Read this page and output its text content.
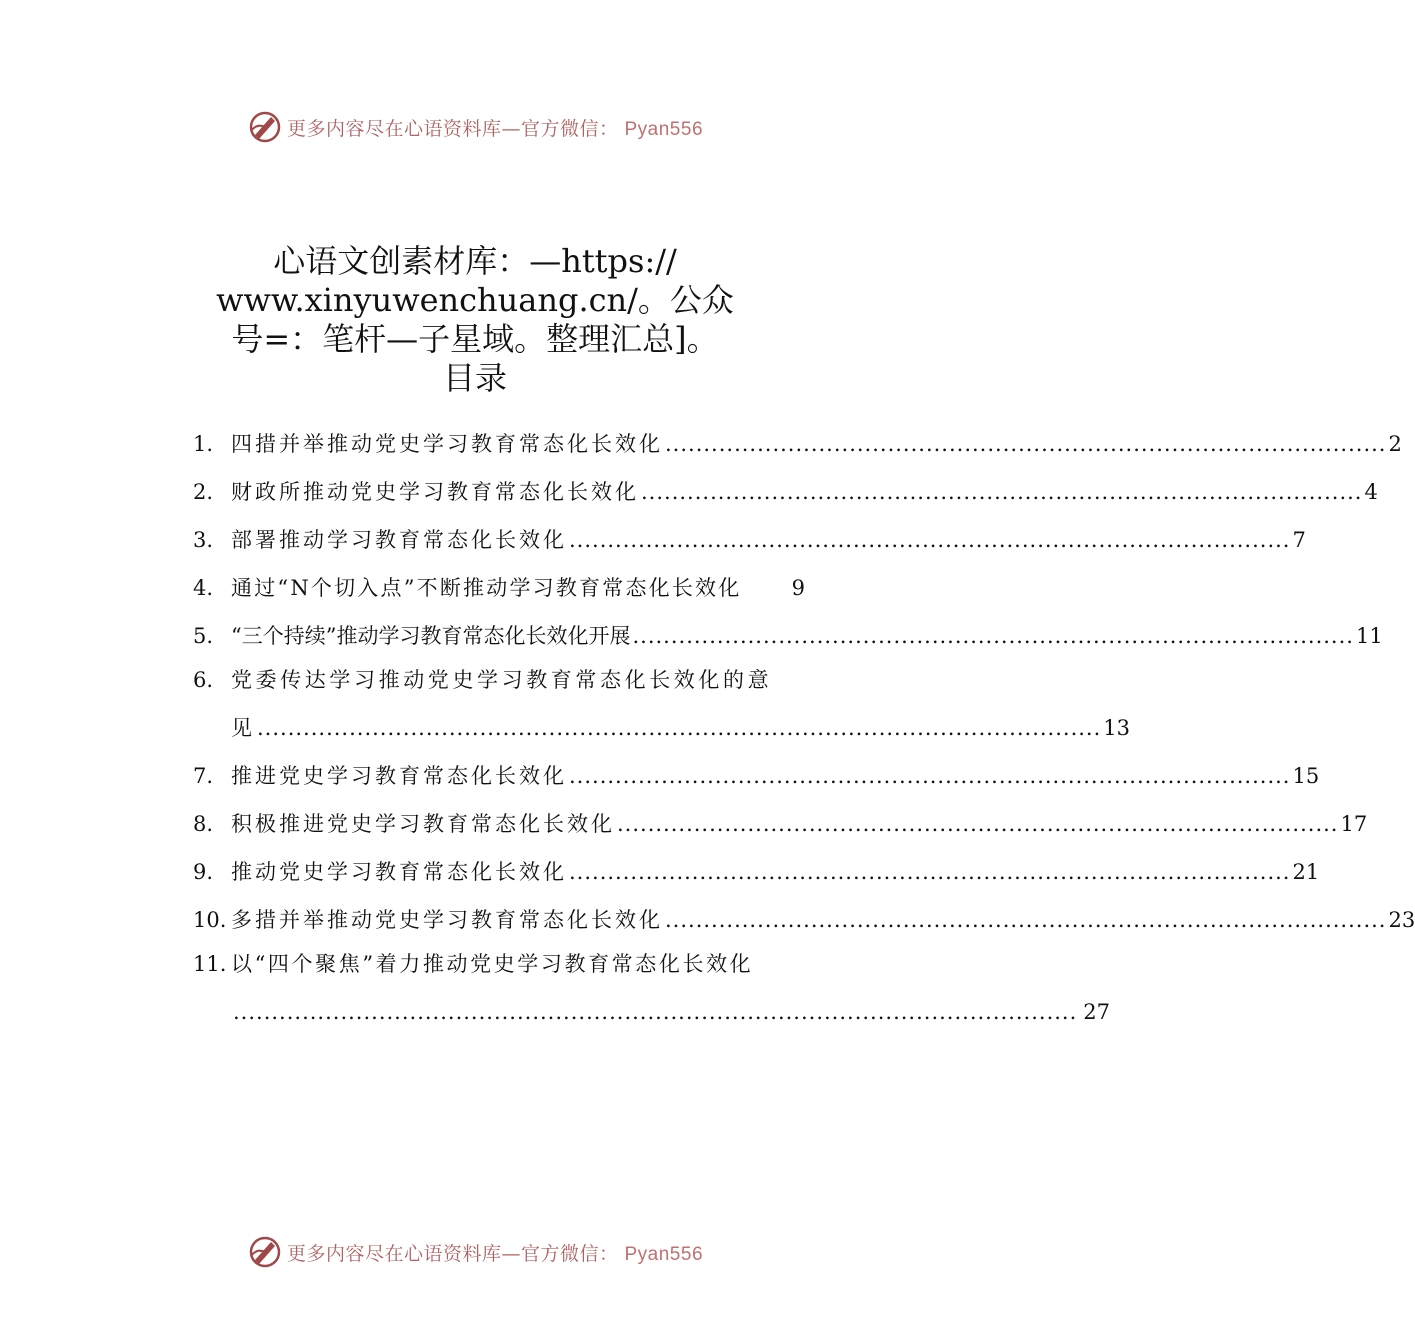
更多内容尽在心语资料库—官方微信： Pyan556
心语文创素材库：—https://
www.xinyuwenchuang.cn/。公众
号=：笔杆—子星域。整理汇总]。
目录
1. 四措并举推动党史学习教育常态化长效化 .............................................................................................. 2
2. 财政所推动党史学习教育常态化长效化 .............................................................................................. 4
3. 部署推动学习教育常态化长效化 .............................................................................................. 7
4. 通过“N个切入点”不断推动学习教育常态化长效化 9
5. “三个持续”推动学习教育常态化长效化开展 .............................................................................................. 11
6. 党委传达学习推动党史学习教育常态化长效化的意
见 .............................................................................................................. 13
7. 推进党史学习教育常态化长效化 .............................................................................................. 15
8. 积极推进党史学习教育常态化长效化 .............................................................................................. 17
9. 推动党史学习教育常态化长效化 .............................................................................................. 21
10. 多措并举推动党史学习教育常态化长效化 .............................................................................................. 23
11. 以“四个聚焦”着力推动党史学习教育常态化长效化
.............................................................................................................. 27
更多内容尽在心语资料库—官方微信： Pyan556
